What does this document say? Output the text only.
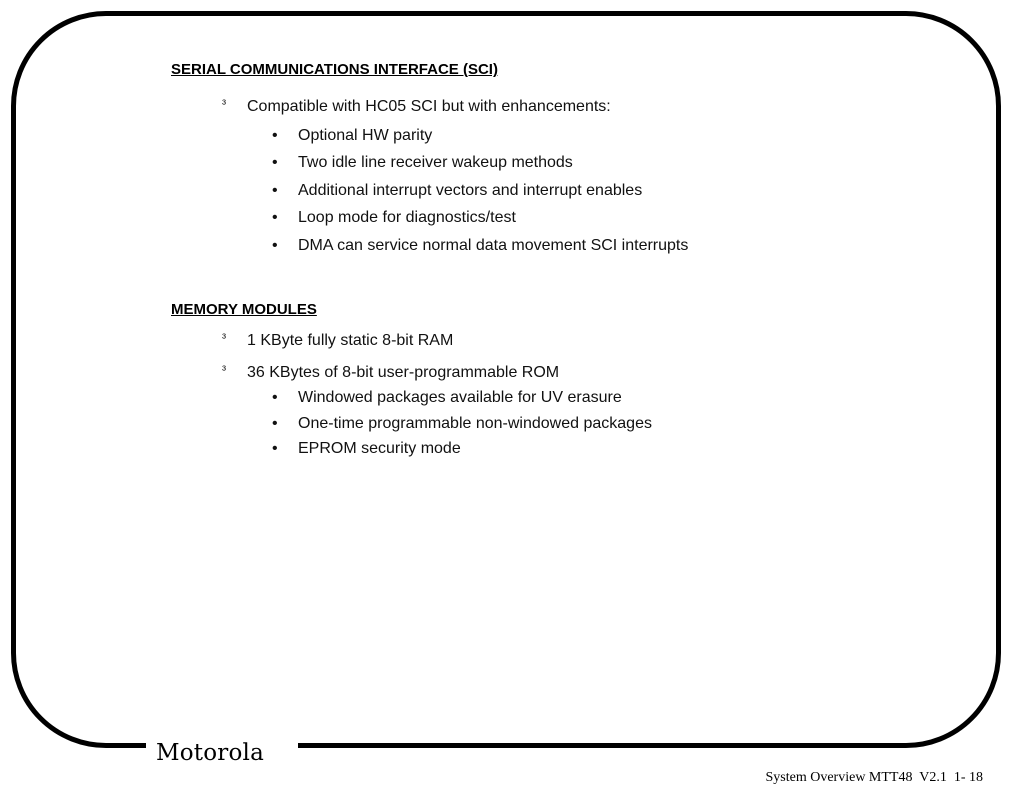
Motorola
System Overview MTT48  V2.1  1- 18
SERIAL COMMUNICATIONS INTERFACE (SCI)
³ Compatible with HC05 SCI but with enhancements:
• Optional HW parity
• Two idle line receiver wakeup methods
• Additional interrupt vectors and interrupt enables
• Loop mode for diagnostics/test
• DMA can service normal data movement SCI interrupts
MEMORY MODULES
³ 1 KByte fully static 8-bit RAM
³ 36 KBytes of 8-bit user-programmable ROM
• Windowed packages available for UV erasure
• One-time programmable non-windowed packages
• EPROM security mode
